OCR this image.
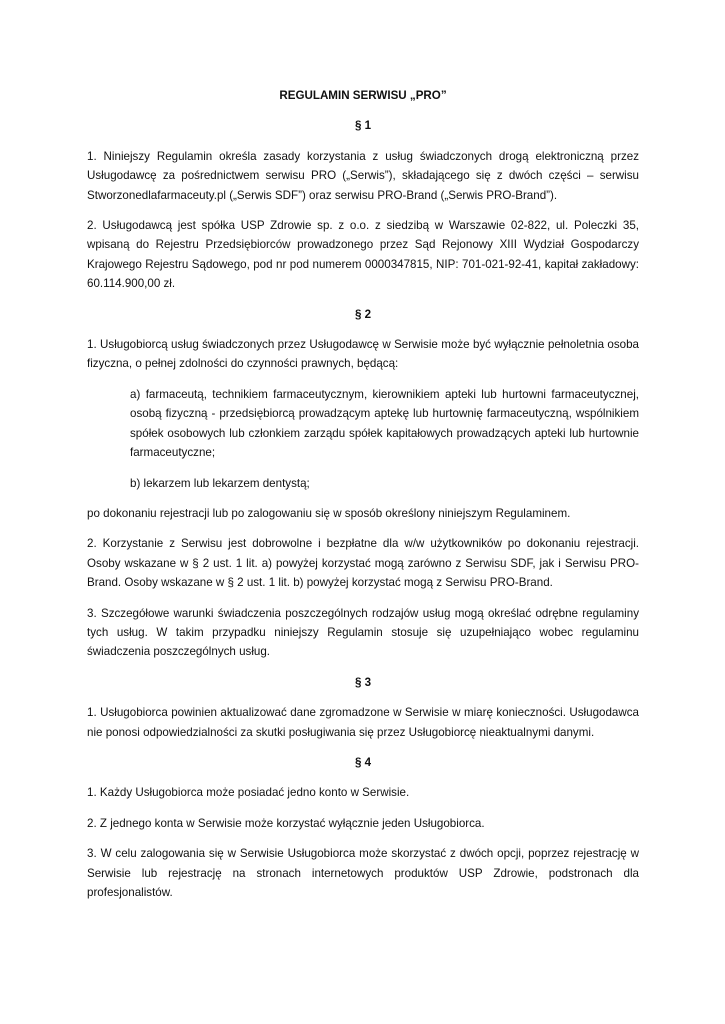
REGULAMIN SERWISU „PRO”
§ 1

1. Niniejszy Regulamin określa zasady korzystania z usług świadczonych drogą elektroniczną przez Usługodawcę za pośrednictwem serwisu PRO („Serwis”), składającego się z dwóch części – serwisu Stworzonedlafarmaceuty.pl („Serwis SDF”) oraz serwisu PRO-Brand („Serwis PRO-Brand”).

2. Usługodawcą jest spółka USP Zdrowie sp. z o.o. z siedzibą w Warszawie 02-822, ul. Poleczki 35, wpisaną do Rejestru Przedsiębiorców prowadzonego przez Sąd Rejonowy XIII Wydział Gospodarczy Krajowego Rejestru Sądowego, pod nr pod numerem 0000347815, NIP: 701-021-92-41, kapitał zakładowy: 60.114.900,00 zł.

§ 2

1. Usługobiorcą usług świadczonych przez Usługodawcę w Serwisie może być wyłącznie pełnoletnia osoba fizyczna, o pełnej zdolności do czynności prawnych, będącą:

a) farmaceutą, technikiem farmaceutycznym, kierownikiem apteki lub hurtowni farmaceutycznej, osobą fizyczną - przedsiębiorcą prowadzącym aptekę lub hurtownię farmaceutyczną, wspólnikiem spółek osobowych lub członkiem zarządu spółek kapitałowych prowadzących apteki lub hurtownie farmaceutyczne;

b) lekarzem lub lekarzem dentystą;

po dokonaniu rejestracji lub po zalogowaniu się w sposób określony niniejszym Regulaminem.

2. Korzystanie z Serwisu jest dobrowolne i bezpłatne dla w/w użytkowników po dokonaniu rejestracji. Osoby wskazane w § 2 ust. 1 lit. a) powyżej korzystać mogą zarówno z Serwisu SDF, jak i Serwisu PRO-Brand. Osoby wskazane w § 2 ust. 1 lit. b) powyżej korzystać mogą z Serwisu PRO-Brand.

3. Szczegółowe warunki świadczenia poszczególnych rodzajów usług mogą określać odrębne regulaminy tych usług. W takim przypadku niniejszy Regulamin stosuje się uzupełniająco wobec regulaminu świadczenia poszczególnych usług.

§ 3

1. Usługobiorca powinien aktualizować dane zgromadzone w Serwisie w miarę konieczności. Usługodawca nie ponosi odpowiedzialności za skutki posługiwania się przez Usługobiorcę nieaktualnymi danymi.

§ 4

1. Każdy Usługobiorca może posiadać jedno konto w Serwisie.

2. Z jednego konta w Serwisie może korzystać wyłącznie jeden Usługobiorca.

3. W celu zalogowania się w Serwisie Usługobiorca może skorzystać z dwóch opcji, poprzez rejestrację w Serwisie lub rejestrację na stronach internetowych produktów USP Zdrowie, podstronach dla profesjonalistów.
